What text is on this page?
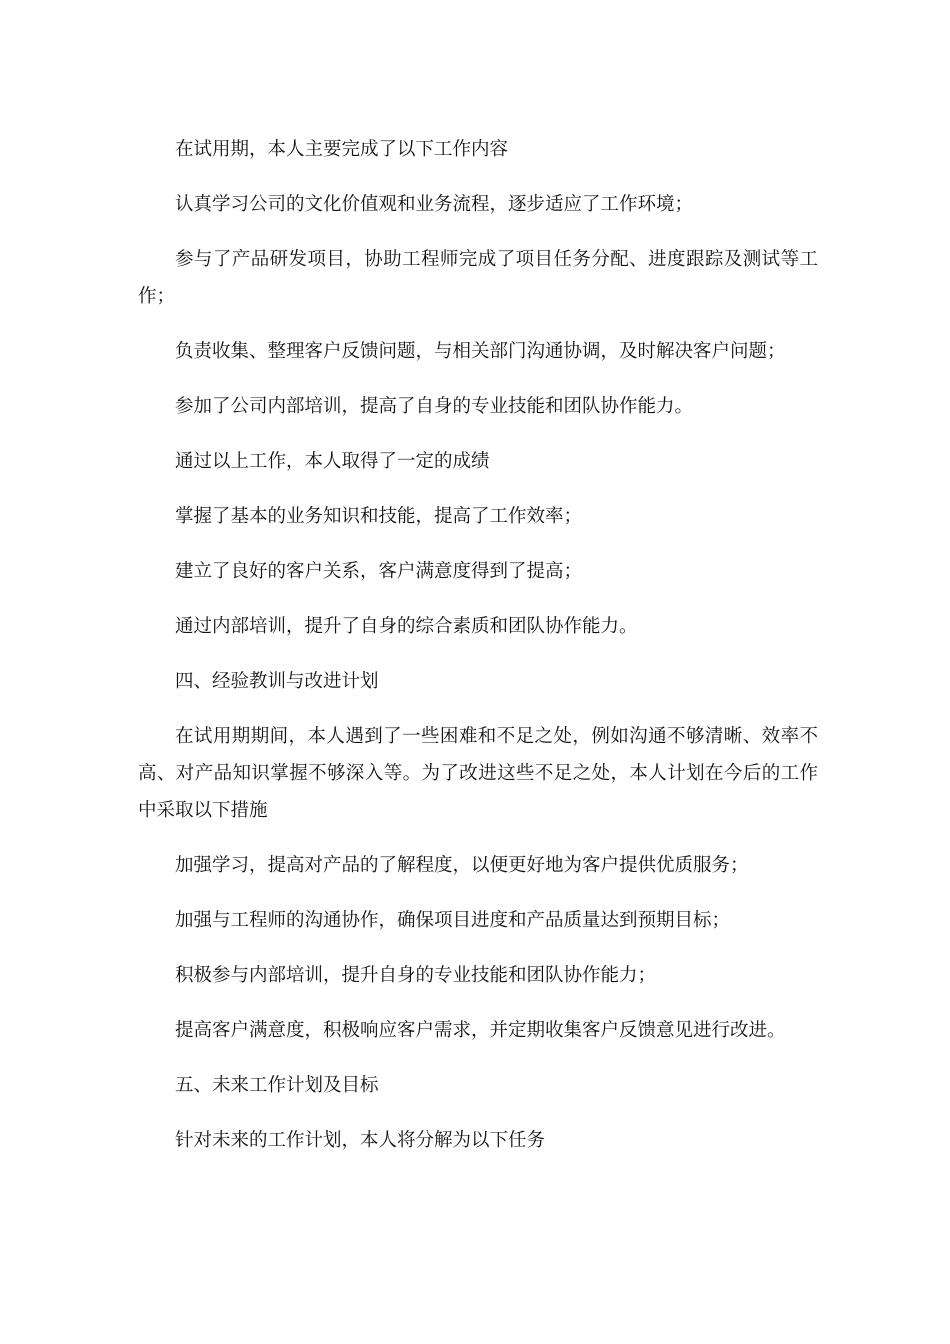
在试用期，本人主要完成了以下工作内容

认真学习公司的文化价值观和业务流程，逐步适应了工作环境；

参与了产品研发项目，协助工程师完成了项目任务分配、进度跟踪及测试等工作；

负责收集、整理客户反馈问题，与相关部门沟通协调，及时解决客户问题；

参加了公司内部培训，提高了自身的专业技能和团队协作能力。

通过以上工作，本人取得了一定的成绩

掌握了基本的业务知识和技能，提高了工作效率；

建立了良好的客户关系，客户满意度得到了提高；

通过内部培训，提升了自身的综合素质和团队协作能力。

四、经验教训与改进计划

在试用期期间，本人遇到了一些困难和不足之处，例如沟通不够清晰、效率不高、对产品知识掌握不够深入等。为了改进这些不足之处，本人计划在今后的工作中采取以下措施

加强学习，提高对产品的了解程度，以便更好地为客户提供优质服务；

加强与工程师的沟通协作，确保项目进度和产品质量达到预期目标；

积极参与内部培训，提升自身的专业技能和团队协作能力；

提高客户满意度，积极响应客户需求，并定期收集客户反馈意见进行改进。

五、未来工作计划及目标

针对未来的工作计划，本人将分解为以下任务
